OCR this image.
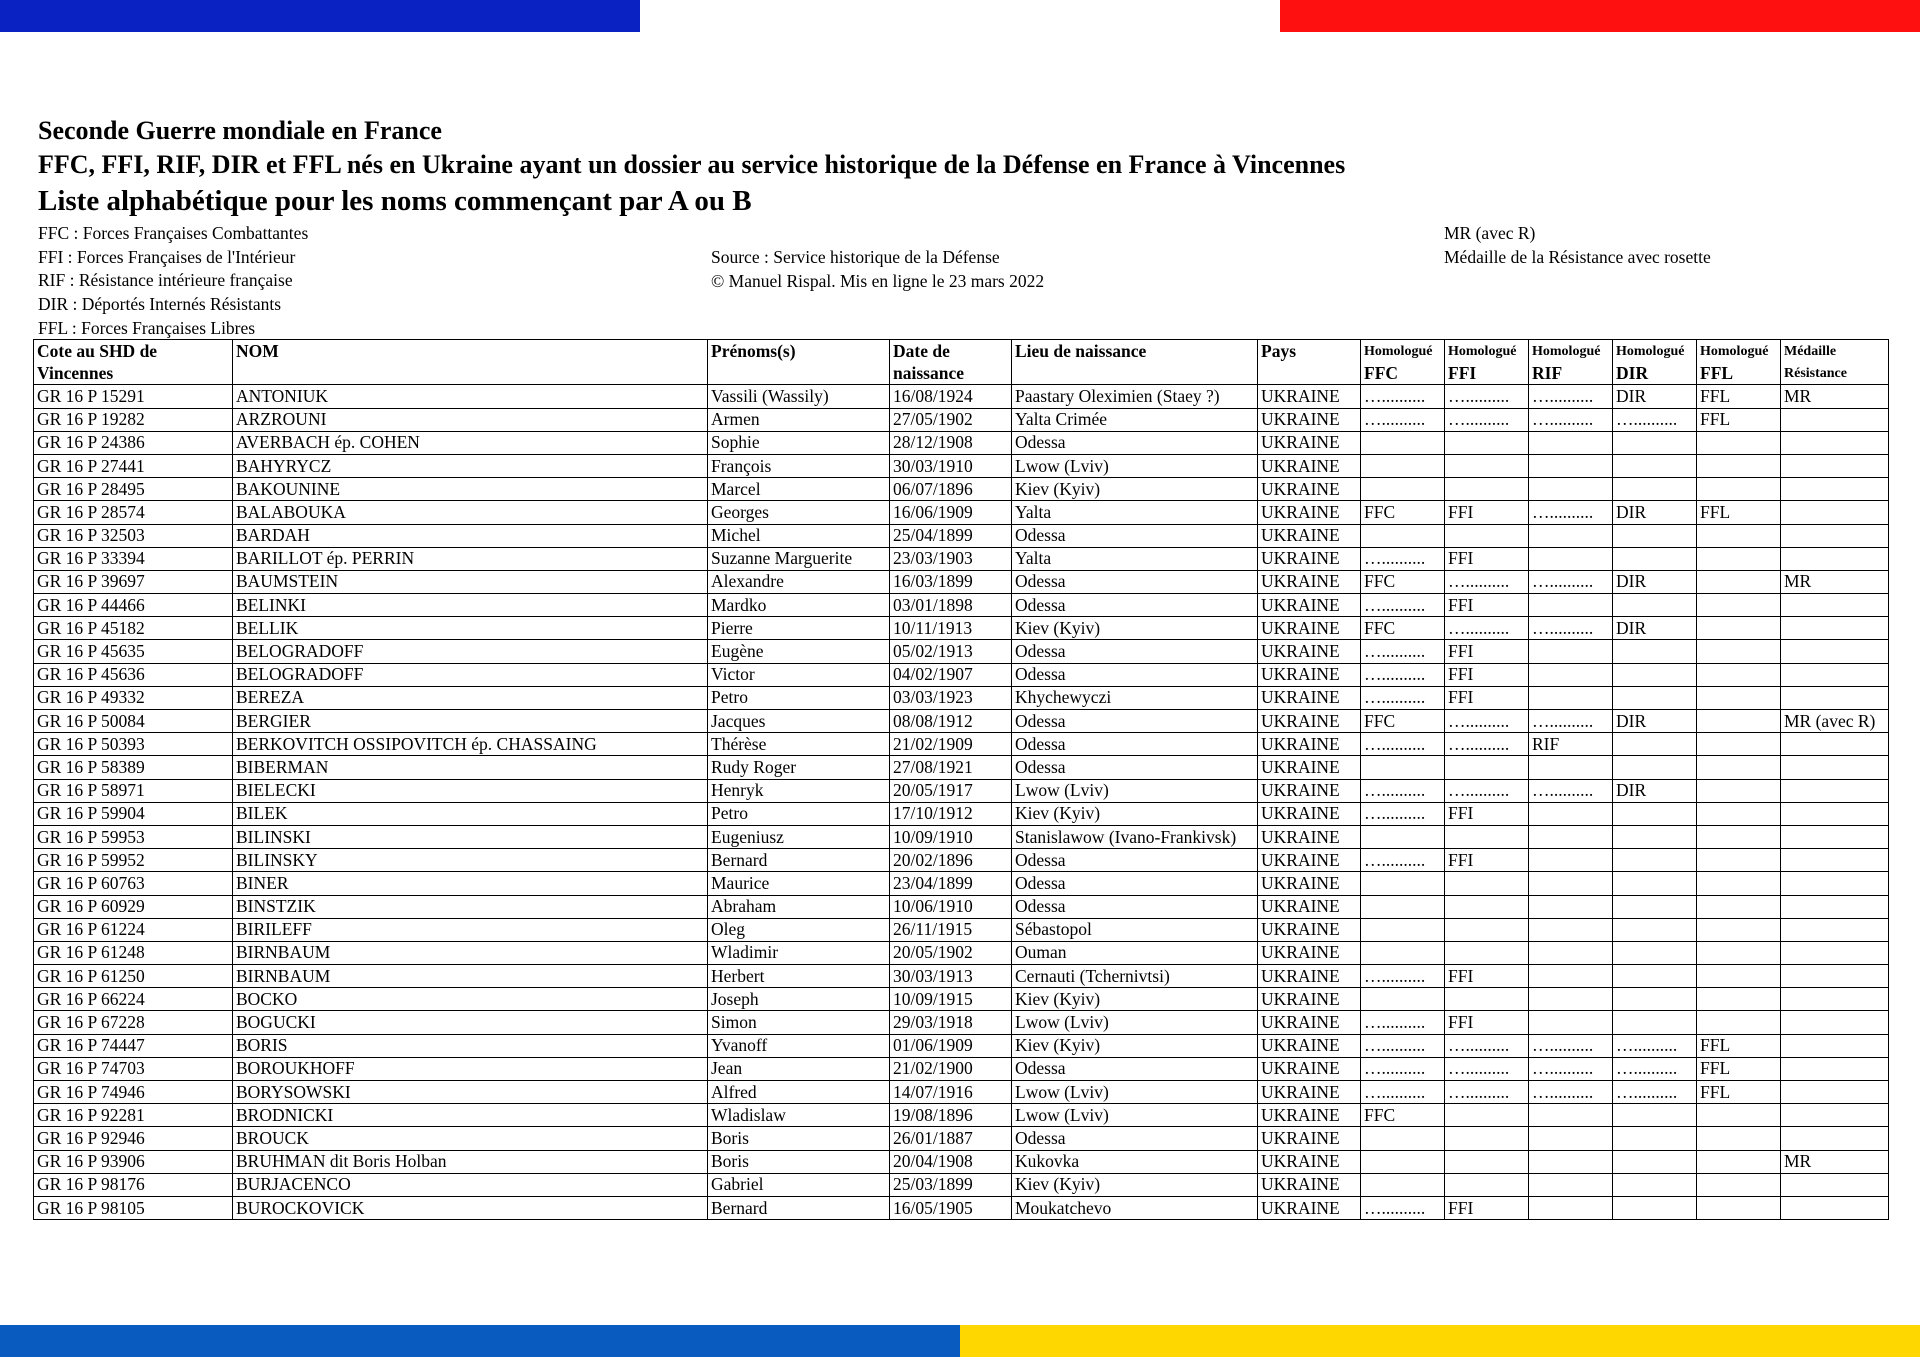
Seconde Guerre mondiale en France
FFC, FFI, RIF, DIR et FFL nés en Ukraine ayant un dossier au service historique de la Défense en France à Vincennes
Liste alphabétique pour les noms commençant par A ou B
FFC : Forces Françaises Combattantes
FFI : Forces Françaises de l'Intérieur
RIF : Résistance intérieure française
DIR : Déportés Internés Résistants
FFL : Forces Françaises Libres
Source : Service historique de la Défense
© Manuel Rispal. Mis en ligne le 23 mars 2022
MR (avec R)
Médaille de la Résistance avec rosette
Cote au SHD de	NOM	Prénoms(s)	Date de	Lieu de naissance	Pays	Homologué	Homologué	Homologué	Homologué	Homologué	Médaille
Vincennes			naissance			FFC	FFI	RIF	DIR	FFL	Résistance
GR 16 P 15291	ANTONIUK	Vassili (Wassily)	16/08/1924	Paastary Oleximien (Staey ?)	UKRAINE	…..........	…..........	…..........	DIR	FFL	MR
GR 16 P 19282	ARZROUNI	Armen	27/05/1902	Yalta Crimée	UKRAINE	…..........	…..........	…..........	…..........	FFL	
GR 16 P 24386	AVERBACH ép. COHEN	Sophie	28/12/1908	Odessa	UKRAINE						
GR 16 P 27441	BAHYRYCZ	François	30/03/1910	Lwow (Lviv)	UKRAINE						
GR 16 P 28495	BAKOUNINE	Marcel	06/07/1896	Kiev (Kyiv)	UKRAINE						
GR 16 P 28574	BALABOUKA	Georges	16/06/1909	Yalta	UKRAINE	FFC	FFI	…..........	DIR	FFL	
GR 16 P 32503	BARDAH	Michel	25/04/1899	Odessa	UKRAINE						
GR 16 P 33394	BARILLOT ép. PERRIN	Suzanne Marguerite	23/03/1903	Yalta	UKRAINE	…..........	FFI				
GR 16 P 39697	BAUMSTEIN	Alexandre	16/03/1899	Odessa	UKRAINE	FFC	…..........	…..........	DIR		MR
GR 16 P 44466	BELINKI	Mardko	03/01/1898	Odessa	UKRAINE	…..........	FFI				
GR 16 P 45182	BELLIK	Pierre	10/11/1913	Kiev (Kyiv)	UKRAINE	FFC	…..........	…..........	DIR		
GR 16 P 45635	BELOGRADOFF	Eugène	05/02/1913	Odessa	UKRAINE	…..........	FFI				
GR 16 P 45636	BELOGRADOFF	Victor	04/02/1907	Odessa	UKRAINE	…..........	FFI				
GR 16 P 49332	BEREZA	Petro	03/03/1923	Khychewyczi	UKRAINE	…..........	FFI				
GR 16 P 50084	BERGIER	Jacques	08/08/1912	Odessa	UKRAINE	FFC	…..........	…..........	DIR		MR (avec R)
GR 16 P 50393	BERKOVITCH OSSIPOVITCH ép. CHASSAING	Thérèse	21/02/1909	Odessa	UKRAINE	…..........	…..........	RIF			
GR 16 P 58389	BIBERMAN	Rudy Roger	27/08/1921	Odessa	UKRAINE						
GR 16 P 58971	BIELECKI	Henryk	20/05/1917	Lwow (Lviv)	UKRAINE	…..........	…..........	…..........	DIR		
GR 16 P 59904	BILEK	Petro	17/10/1912	Kiev (Kyiv)	UKRAINE	…..........	FFI				
GR 16 P 59953	BILINSKI	Eugeniusz	10/09/1910	Stanislawow (Ivano-Frankivsk)	UKRAINE						
GR 16 P 59952	BILINSKY	Bernard	20/02/1896	Odessa	UKRAINE	…..........	FFI				
GR 16 P 60763	BINER	Maurice	23/04/1899	Odessa	UKRAINE						
GR 16 P 60929	BINSTZIK	Abraham	10/06/1910	Odessa	UKRAINE						
GR 16 P 61224	BIRILEFF	Oleg	26/11/1915	Sébastopol	UKRAINE						
GR 16 P 61248	BIRNBAUM	Wladimir	20/05/1902	Ouman	UKRAINE						
GR 16 P 61250	BIRNBAUM	Herbert	30/03/1913	Cernauti (Tchernivtsi)	UKRAINE	…..........	FFI				
GR 16 P 66224	BOCKO	Joseph	10/09/1915	Kiev (Kyiv)	UKRAINE						
GR 16 P 67228	BOGUCKI	Simon	29/03/1918	Lwow (Lviv)	UKRAINE	…..........	FFI				
GR 16 P 74447	BORIS	Yvanoff	01/06/1909	Kiev (Kyiv)	UKRAINE	…..........	…..........	…..........	…..........	FFL	
GR 16 P 74703	BOROUKHOFF	Jean	21/02/1900	Odessa	UKRAINE	…..........	…..........	…..........	…..........	FFL	
GR 16 P 74946	BORYSOWSKI	Alfred	14/07/1916	Lwow (Lviv)	UKRAINE	…..........	…..........	…..........	…..........	FFL	
GR 16 P 92281	BRODNICKI	Wladislaw	19/08/1896	Lwow (Lviv)	UKRAINE	FFC					
GR 16 P 92946	BROUCK	Boris	26/01/1887	Odessa	UKRAINE						
GR 16 P 93906	BRUHMAN dit Boris Holban	Boris	20/04/1908	Kukovka	UKRAINE						MR
GR 16 P 98176	BURJACENCO	Gabriel	25/03/1899	Kiev (Kyiv)	UKRAINE						
GR 16 P 98105	BUROCKOVICK	Bernard	16/05/1905	Moukatchevo	UKRAINE	…..........	FFI				
